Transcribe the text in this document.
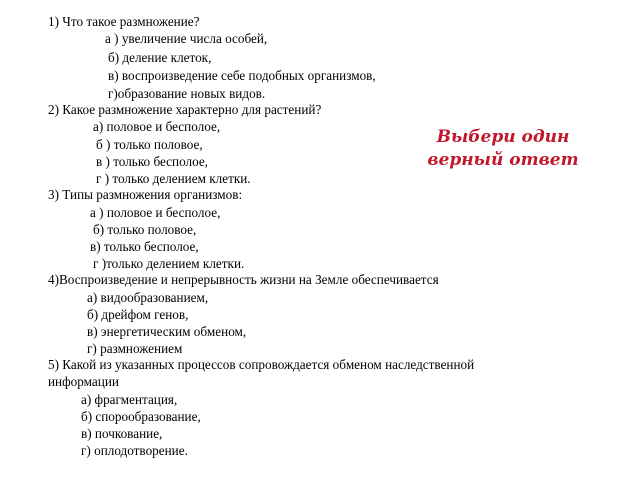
1) Что такое размножение?
а ) увеличение числа особей,
б) деление клеток,
в) воспроизведение себе подобных организмов,
г)образование новых видов.
2) Какое размножение характерно для растений?
а) половое и бесполое,
б ) только половое,
в ) только бесполое,
г ) только делением клетки.
3) Типы размножения организмов:
а ) половое и бесполое,
б) только половое,
в) только бесполое,
г )только делением клетки.
4)Воспроизведение и непрерывность жизни на Земле обеспечивается
а) видообразованием,
б) дрейфом генов,
в) энергетическим обменом,
г) размножением
5) Какой из указанных процессов сопровождается обменом наследственной информации
а) фрагментация,
б) спорообразование,
в) почкование,
г) оплодотворение.
Выбери один
верный ответ
